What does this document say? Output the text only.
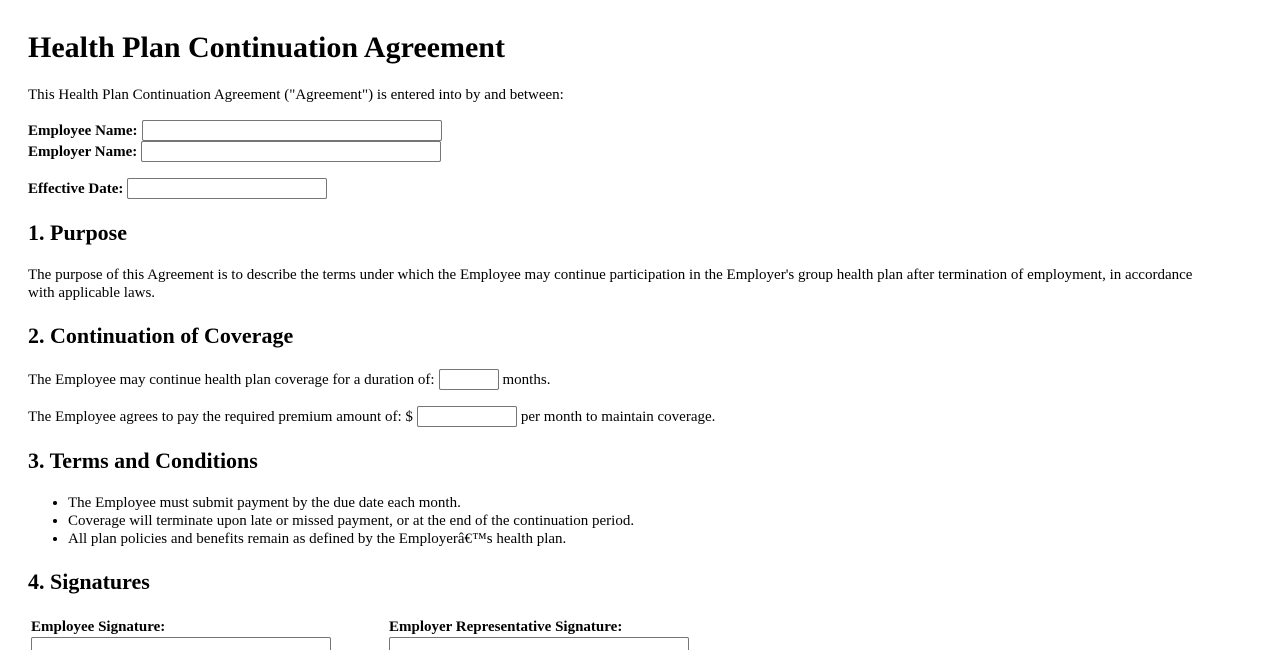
Health Plan Continuation Agreement
This Health Plan Continuation Agreement ("Agreement") is entered into by and between:
Employee Name:
Employer Name:
Effective Date:
1. Purpose
The purpose of this Agreement is to describe the terms under which the Employee may continue participation in the Employer's group health plan after termination of employment, in accordance with applicable laws.
2. Continuation of Coverage
The Employee may continue health plan coverage for a duration of:	months.
The Employee agrees to pay the required premium amount of: $	per month to maintain coverage.
3. Terms and Conditions
• The Employee must submit payment by the due date each month.
• Coverage will terminate upon late or missed payment, or at the end of the continuation period.
• All plan policies and benefits remain as defined by the Employerâ€™s health plan.
4. Signatures
Employee Signature:	Employer Representative Signature:
